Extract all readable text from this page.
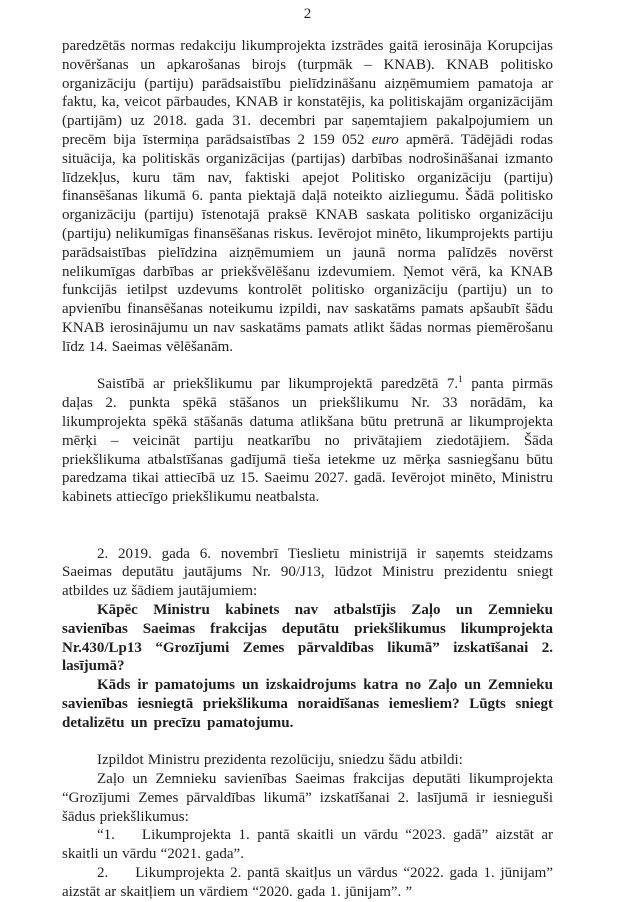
2

paredzētās normas redakciju likumprojekta izstrādes gaitā ierosināja Korupcijas novēršanas un apkarošanas birojs (turpmāk – KNAB). KNAB politisko organizāciju (partiju) parādsaistību pielīdzināšanu aizņēmumiem pamatoja ar faktu, ka, veicot pārbaudes, KNAB ir konstatējis, ka politiskajām organizācijām (partijām) uz 2018. gada 31. decembri par saņemtajiem pakalpojumiem un precēm bija īstermiņa parādsaistības 2 159 052 euro apmērā. Tādējādi rodas situācija, ka politiskās organizācijas (partijas) darbības nodrošināšanai izmanto līdzekļus, kuru tām nav, faktiski apejot Politisko organizāciju (partiju) finansēšanas likumā 6. panta piektajā daļā noteikto aizliegumu. Šādā politisko organizāciju (partiju) īstenotajā praksē KNAB saskata politisko organizāciju (partiju) nelikumīgas finansēšanas riskus. Ievērojot minēto, likumprojekts partiju parādsaistības pielīdzina aizņēmumiem un jaunā norma palīdzēs novērst nelikumīgas darbības ar priekšvēlēšanu izdevumiem. Ņemot vērā, ka KNAB funkcijās ietilpst uzdevums kontrolēt politisko organizāciju (partiju) un to apvienību finansēšanas noteikumu izpildi, nav saskatāms pamats apšaubīt šādu KNAB ierosinājumu un nav saskatāms pamats atlikt šādas normas piemērošanu līdz 14. Saeimas vēlēšanām.

Saistībā ar priekšlikumu par likumprojektā paredzētā 7.$^1$ panta pirmās daļas 2. punkta spēkā stāšanos un priekšlikumu Nr. 33 norādām, ka likumprojekta spēkā stāšanās datuma atlikšana būtu pretrunā ar likumprojekta mērķi – veicināt partiju neatkarību no privātajiem ziedotājiem. Šāda priekšlikuma atbalstīšanas gadījumā tieša ietekme uz mērķa sasniegšanu būtu paredzama tikai attiecībā uz 15. Saeimu 2027. gadā. Ievērojot minēto, Ministru kabinets attiecīgo priekšlikumu neatbalsta.

2. 2019. gada 6. novembrī Tieslietu ministrijā ir saņemts steidzams Saeimas deputātu jautājums Nr. 90/J13, lūdzot Ministru prezidentu sniegt atbildes uz šādiem jautājumiem:

Kāpēc Ministru kabinets nav atbalstījis Zaļo un Zemnieku savienības Saeimas frakcijas deputātu priekšlikumus likumprojekta Nr.430/Lp13 “Grozījumi Zemes pārvaldības likumā” izskatīšanai 2. lasījumā?

Kāds ir pamatojums un izskaidrojums katra no Zaļo un Zemnieku savienības iesniegtā priekšlikuma noraidīšanas iemesliem? Lūgts sniegt detalizētu un precīzu pamatojumu.

Izpildot Ministru prezidenta rezolūciju, sniedzu šādu atbildi:

Zaļo un Zemnieku savienības Saeimas frakcijas deputāti likumprojekta “Grozījumi Zemes pārvaldības likumā” izskatīšanai 2. lasījumā ir iesnieguši šādus priekšlikumus:

“1. Likumprojekta 1. pantā skaitli un vārdu “2023. gadā” aizstāt ar skaitli un vārdu “2021. gada”.

2. Likumprojekta 2. pantā skaitļus un vārdus “2022. gada 1. jūnijam” aizstāt ar skaitļiem un vārdiem “2020. gada 1. jūnijam”. ”
